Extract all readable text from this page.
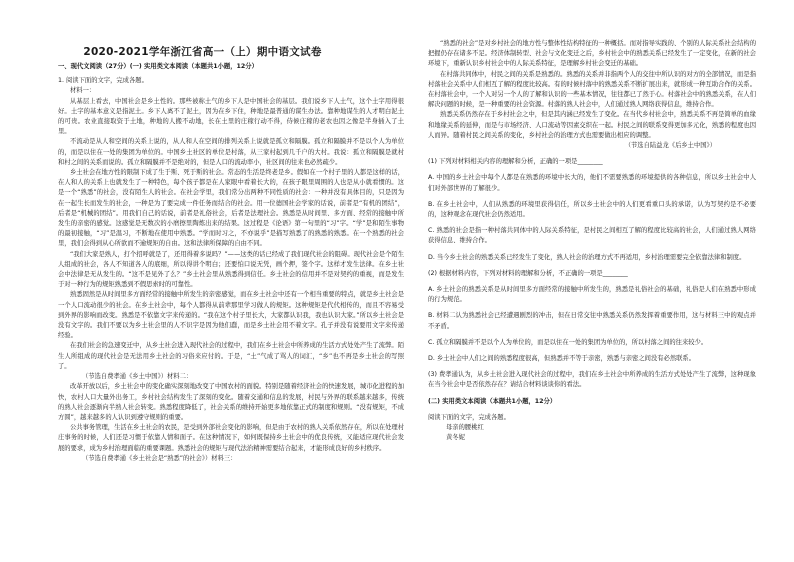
2020-2021学年浙江省高一（上）期中语文试卷

一、现代文阅读（27分）(一) 实用类文本阅读（本题共1小题，12分）

1. 阅读下面的文字，完成各题。

材料一：

从基层上看去，中国社会是乡土性的。那些被称土气的乡下人是中国社会的基层。我们说乡下人土气，这个土字用得很好。土字的基本意义是指泥土。乡下人离不了泥土，因为在乡下住，种地是最普通的谋生办法。靠种地谋生的人才明白泥土的可贵。农业直接取资于土地，种地的人搬不动地，长在土里的庄稼行动不得，侍候庄稼的老农也因之像是半身插入了土里。

不流动是从人和空间的关系上说的，从人和人在空间的排列关系上说就是孤立和隔膜。孤立和隔膜并不是以个人为单位的，而是以住在一处的集团为单位的。中国乡土社区的单位是村落，从三家村起到几千户的大村。我说：孤立和隔膜是就村和村之间的关系而说的。孤立和隔膜并不是绝对的，但是人口的流动率小，社区间的往来也必然疏少。

乡土社会在地方性的限制下成了生于斯、死于斯的社会。常态的生活是终老是乡。假如在一个村子里的人都是这样的话，在人和人的关系上也就发生了一种特色，每个孩子都是在人家眼中看着长大的，在孩子眼里周围的人也是从小就看惯的。这是一个“熟悉”的社会，没有陌生人的社会。在社会学里，我们常分出两种不同性质的社会：一种并没有具体目的，只是因为在一起生长而发生的社会，一种是为了要完成一件任务而结合的社会。用一位德国社会学家的话说，前者是“有机的团结”，后者是“机械的团结”。用我们自己的话说，前者是礼俗社会，后者是法理社会。熟悉是从时间里、多方面、经常的接触中所发生的亲密的感觉。这感觉是无数次的小磨擦里陶炼出来的结果。这过程是《论语》第一句里的“习”字。“学”是和陌生事物的最初接触，“习”是温习，不断地在使用中熟悉。“学而时习之，不亦说乎”是描写熟悉了的熟悉的熟悉。在一个熟悉的社会里，我们会得到从心所欲而不逾规矩的自由。这和法律所保障的自由不同。

“我们大家是熟人，打个招呼就是了，还用得着多说吗？”——这类的话已经成了我们现代社会的阻碍。现代社会是个陌生人组成的社会，各人不知道各人的底细，所以得讲个明白；还要怕口说无凭，画个押，签个字。这样才发生法律。在乡土社会中法律是无从发生的。“这不是见外了么？”乡土社会里从熟悉得到信任。乡土社会的信用并不是对契约的重视，而是发生于对一种行为的规矩熟悉到不假思索时的可靠性。

熟悉固然是从时间里多方面经常的接触中所发生的亲密感觉，而在乡土社会中还有一个相当重要的特点，就是乡土社会是一个人口流动很少的社会。在乡土社会中，每个人都得从前辈那里学习做人的规矩。这种规矩是代代相传的，而且不容易受到外界的影响而改变。熟悉是不依靠文字来传递的。“我在这个村子里长大，大家都认识我，我也认识大家。”所以乡土社会是没有文字的。我们不要以为乡土社会里的人不识字是因为他们蠢，而是乡土社会用不着文字。孔子并没有说要用文字来传递经验。

在我们社会的急速变迁中，从乡土社会进入现代社会的过程中，我们在乡土社会中所养成的生活方式处处产生了流弊。陌生人所组成的现代社会是无法用乡土社会的习俗来应付的。于是，“土”气成了骂人的词汇，“乡”也不再是乡土社会的写照了。

（节选自费孝通《乡土中国》）材料二：

改革开放以后，乡土社会中的变化确实深刻地改变了中国农村的面貌。特别是随着经济社会的快速发展，城市化进程的加快，农村人口大量外出务工，乡村社会结构发生了深刻的变化。随着交通和信息的发展，村民与外界的联系越来越多，传统的熟人社会逐渐向半熟人社会转变。熟悉程度降低了，社会关系的维持开始更多地依靠正式的制度和规则。“没有规矩，不成方圆”，越来越多的人认识到遵守规则的重要。

公共事务管理，生活在乡土社会的农民，是受到外部社会变化的影响，但是由于农村的熟人关系依然存在，所以在处理村庄事务的时候，人们还是习惯于依靠人情和面子。在这种情况下，如何既保持乡土社会中的优良传统，又能适应现代社会发展的要求，成为乡村治理面临的重要课题。熟悉社会的规矩与现代法治精神需要结合起来，才能形成良好的乡村秩序。

（节选自费孝通《乡土社会是“熟悉”的社会》）材料三：

“熟悉的社会”是对乡村社会的地方性与整体性结构特征的一种概括。而对指导实践的、个别的人际关系社会结构的把握仍存在诸多不足。经济体制转型、社会与文化变迁之后，乡村社会中的熟悉关系已经发生了一定变化，在新的社会环境下，重新认识乡村社会中的人际关系特征，是理解乡村社会变迁的基础。

在村落共同体中，村民之间的关系是熟悉的。熟悉的关系并非指两个人的交往中所认识的对方的全部情况，而是指村落社会关系中人们相互了解的程度比较高。有的时候村落中的熟悉关系不断扩展出来，就形成一种互助合作的关系。在村落社会中，一个人对另一个人的了解和认识的一些基本情况，往往都已了然于心。村落社会中的熟悉关系，在人们解决问题的时候，是一种重要的社会资源。村落的熟人社会中，人们通过熟人网络获得信息，维持合作。

熟悉关系仍然存在于乡村社会之中，但是其内涵已经发生了变化。在当代乡村社会中，熟悉关系不再是简单的血缘和地缘关系的延伸，而是与市场经济、人口流动等因素交织在一起。村民之间的联系变得更加多元化，熟悉的程度也因人而异。随着村民之间关系的变化，乡村社会的治理方式也需要做出相应的调整。

（节选自陆益龙《后乡土中国》）

(1) 下列对材料相关内容的理解和分析，正确的一项是________

A. 中国的乡土社会中每个人都是在熟悉的环境中长大的，他们不需要熟悉的环境提供的各种信息，所以乡土社会中人们对外部世界的了解很少。

B. 在乡土社会中，人们从熟悉的环境里获得信任，所以乡土社会中的人们更看重口头的承诺，认为写契约是不必要的，这种观念在现代社会仍然适用。

C. 熟悉的社会是指一种村落共同体中的人际关系特征，是村民之间相互了解的程度比较高的社会，人们通过熟人网络获得信息、维持合作。

D. 当今乡土社会的熟悉关系已经发生了变化，熟人社会的治理方式不再适用，乡村治理需要完全依靠法律和制度。

(2) 根据材料内容，下列对材料的理解和分析，不正确的一项是________

A. 乡土社会的熟悉关系是从时间里多方面经常的接触中所发生的，熟悉是礼俗社会的基础，礼俗是人们在熟悉中形成的行为规范。

B. 材料二认为熟悉社会已经遭遇剧烈的冲击，但在日常交往中熟悉关系仍然发挥着重要作用，这与材料三中的观点并不矛盾。

C. 孤立和隔膜并不是以个人为单位的，而是以住在一处的集团为单位的，所以村落之间的往来较少。

D. 乡土社会中人们之间的熟悉程度很高，但熟悉并不等于亲密，熟悉与亲密之间没有必然联系。

(3) 费孝通认为，从乡土社会进入现代社会的过程中，我们在乡土社会中所养成的生活方式处处产生了流弊，这种现象在当今社会中是否依然存在？请结合材料谈谈你的看法。

(二) 实用类文本阅读（本题共1小题，12分）

阅读下面的文字，完成各题。

母亲的腰桃红

黄冬妮
